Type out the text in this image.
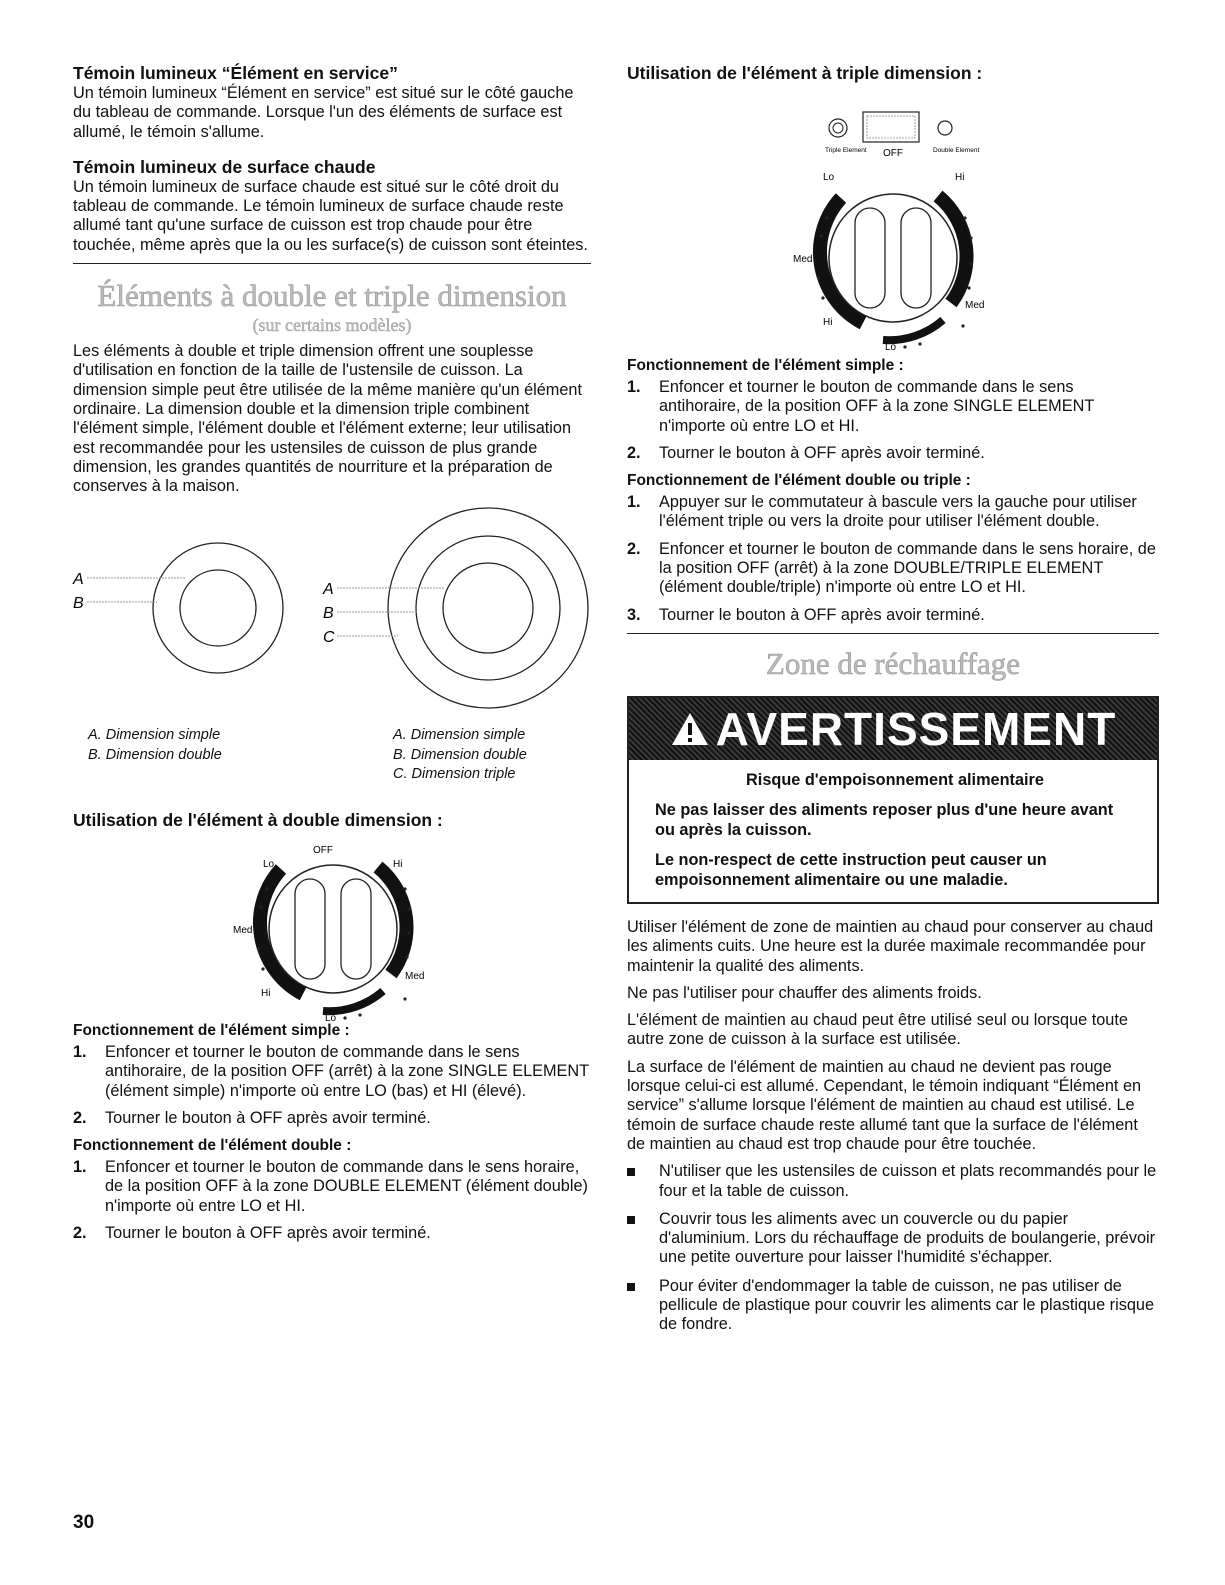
Témoin lumineux “Élément en service”

Un témoin lumineux “Élément en service” est situé sur le côté gauche du tableau de commande. Lorsque l'un des éléments de surface est allumé, le témoin s'allume.

Témoin lumineux de surface chaude

Un témoin lumineux de surface chaude est situé sur le côté droit du tableau de commande. Le témoin lumineux de surface chaude reste allumé tant qu'une surface de cuisson est trop chaude pour être touchée, même après que la ou les surface(s) de cuisson sont éteintes.

Éléments à double et triple dimension

(sur certains modèles)

Les éléments à double et triple dimension offrent une souplesse d'utilisation en fonction de la taille de l'ustensile de cuisson. La dimension simple peut être utilisée de la même manière qu'un élément ordinaire. La dimension double et la dimension triple combinent l'élément simple, l'élément double et l'élément externe; leur utilisation est recommandée pour les ustensiles de cuisson de plus grande dimension, les grandes quantités de nourriture et la préparation de conserves à la maison.

A
B
A
B
C

A. Dimension simple

B. Dimension double

A. Dimension simple

B. Dimension double

C. Dimension triple

Utilisation de l'élément à double dimension :
OFF
Lo	Hi
Med
Med
Hi
Lo

Fonctionnement de l'élément simple :

1. Enfoncer et tourner le bouton de commande dans le sens antihoraire, de la position OFF (arrêt) à la zone SINGLE ELEMENT (élément simple) n'importe où entre LO (bas) et HI (élevé).
2. Tourner le bouton à OFF après avoir terminé.

Fonctionnement de l'élément double :

1. Enfoncer et tourner le bouton de commande dans le sens horaire, de la position OFF à la zone DOUBLE ELEMENT (élément double) n'importe où entre LO et HI.
2. Tourner le bouton à OFF après avoir terminé.
Utilisation de l'élément à triple dimension :
Triple Element	Double Element
OFF
Lo	Hi
Med
Med
Hi
Lo

Fonctionnement de l'élément simple :

1. Enfoncer et tourner le bouton de commande dans le sens antihoraire, de la position OFF à la zone SINGLE ELEMENT n'importe où entre LO et HI.
2. Tourner le bouton à OFF après avoir terminé.

Fonctionnement de l'élément double ou triple :

1. Appuyer sur le commutateur à bascule vers la gauche pour utiliser l'élément triple ou vers la droite pour utiliser l'élément double.
2. Enfoncer et tourner le bouton de commande dans le sens horaire, de la position OFF (arrêt) à la zone DOUBLE/TRIPLE ELEMENT (élément double/triple) n'importe où entre LO et HI.
3. Tourner le bouton à OFF après avoir terminé.
Zone de réchauffage
AVERTISSEMENT

Risque d'empoisonnement alimentaire

Ne pas laisser des aliments reposer plus d'une heure avant ou après la cuisson.

Le non-respect de cette instruction peut causer un empoisonnement alimentaire ou une maladie.

Utiliser l'élément de zone de maintien au chaud pour conserver au chaud les aliments cuits. Une heure est la durée maximale recommandée pour maintenir la qualité des aliments.

Ne pas l'utiliser pour chauffer des aliments froids.

L'élément de maintien au chaud peut être utilisé seul ou lorsque toute autre zone de cuisson à la surface est utilisée.

La surface de l'élément de maintien au chaud ne devient pas rouge lorsque celui-ci est allumé. Cependant, le témoin indiquant “Élément en service” s'allume lorsque l'élément de maintien au chaud est utilisé. Le témoin de surface chaude reste allumé tant que la surface de l'élément de maintien au chaud est trop chaude pour être touchée.

N'utiliser que les ustensiles de cuisson et plats recommandés pour le four et la table de cuisson.
Couvrir tous les aliments avec un couvercle ou du papier d'aluminium. Lors du réchauffage de produits de boulangerie, prévoir une petite ouverture pour laisser l'humidité s'échapper.
Pour éviter d'endommager la table de cuisson, ne pas utiliser de pellicule de plastique pour couvrir les aliments car le plastique risque de fondre.
30
